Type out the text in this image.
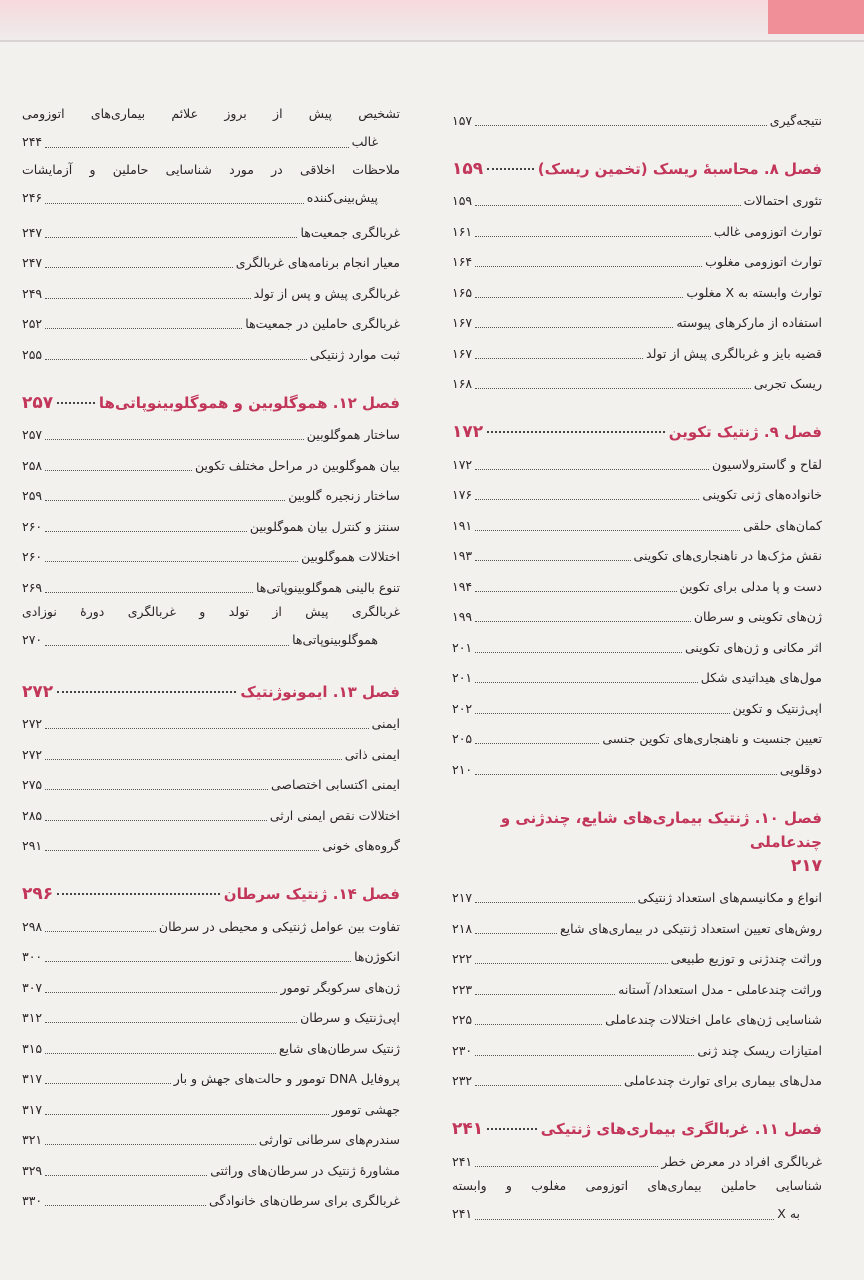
نتیجه‌گیری
۱۵۷
فصل ۸. محاسبهٔ ریسک (تخمین ریسک)
۱۵۹
تئوری احتمالات
۱۵۹
توارث اتوزومی غالب
۱۶۱
توارث اتوزومی مغلوب
۱۶۴
توارث وابسته به X مغلوب
۱۶۵
استفاده از مارکرهای پیوسته
۱۶۷
قضیه بایز و غربالگری پیش از تولد
۱۶۷
ریسک تجربی
۱۶۸
فصل ۹. ژنتیک تکوین
۱۷۲
لقاح و گاسترولاسیون
۱۷۲
خانواده‌های ژنی تکوینی
۱۷۶
کمان‌های حلقی
۱۹۱
نقش مژک‌ها در ناهنجاری‌های تکوینی
۱۹۳
دست و پا مدلی برای تکوین
۱۹۴
ژن‌های تکوینی و سرطان
۱۹۹
اثر مکانی و ژن‌های تکوینی
۲۰۱
مول‌های هیداتیدی شکل
۲۰۱
اپی‌ژنتیک و تکوین
۲۰۲
تعیین جنسیت و ناهنجاری‌های تکوین جنسی
۲۰۵
دوقلویی
۲۱۰
فصل ۱۰. ژنتیک بیماری‌های شایع، چندژنی و چندعاملی
۲۱۷
انواع و مکانیسم‌های استعداد ژنتیکی
۲۱۷
روش‌های تعیین استعداد ژنتیکی در بیماری‌های شایع
۲۱۸
وراثت چندژنی و توزیع طبیعی
۲۲۲
وراثت چندعاملی - مدل استعداد/ آستانه
۲۲۳
شناسایی ژن‌های عامل اختلالات چندعاملی
۲۲۵
امتیازات ریسک چند ژنی
۲۳۰
مدل‌های بیماری برای توارث چندعاملی
۲۳۲
فصل ۱۱. غربالگری بیماری‌های ژنتیکی
۲۴۱
غربالگری افراد در معرض خطر
۲۴۱
شناسایی حاملین بیماری‌های اتوزومی مغلوب و وابسته
به X
۲۴۱
تشخیص پیش از بروز علائم بیماری‌های اتوزومی
غالب
۲۴۴
ملاحظات اخلاقی در مورد شناسایی حاملین و آزمایشات
پیش‌بینی‌کننده
۲۴۶
غربالگری جمعیت‌ها
۲۴۷
معیار انجام برنامه‌های غربالگری
۲۴۷
غربالگری پیش و پس از تولد
۲۴۹
غربالگری حاملین در جمعیت‌ها
۲۵۲
ثبت موارد ژنتیکی
۲۵۵
فصل ۱۲. هموگلوبین و هموگلوبینوپاتی‌ها
۲۵۷
ساختار هموگلوبین
۲۵۷
بیان هموگلوبین در مراحل مختلف تکوین
۲۵۸
ساختار زنجیره گلوبین
۲۵۹
سنتز و کنترل بیان هموگلوبین
۲۶۰
اختلالات هموگلوبین
۲۶۰
تنوع بالینی هموگلوبینوپاتی‌ها
۲۶۹
غربالگری پیش از تولد و غربالگری دورهٔ نوزادی
هموگلوبینوپاتی‌ها
۲۷۰
فصل ۱۳. ایمونوژنتیک
۲۷۲
ایمنی
۲۷۲
ایمنی ذاتی
۲۷۲
ایمنی اکتسابی اختصاصی
۲۷۵
اختلالات نقص ایمنی ارثی
۲۸۵
گروه‌های خونی
۲۹۱
فصل ۱۴. ژنتیک سرطان
۲۹۶
تفاوت بین عوامل ژنتیکی و محیطی در سرطان
۲۹۸
انکوژن‌ها
۳۰۰
ژن‌های سرکوبگر تومور
۳۰۷
اپی‌ژنتیک و سرطان
۳۱۲
ژنتیک سرطان‌های شایع
۳۱۵
پروفایل DNA تومور و حالت‌های جهش و بار
۳۱۷
جهشی تومور
۳۱۷
سندرم‌های سرطانی توارثی
۳۲۱
مشاورهٔ ژنتیک در سرطان‌های وراثتی
۳۲۹
غربالگری برای سرطان‌های خانوادگی
۳۳۰
